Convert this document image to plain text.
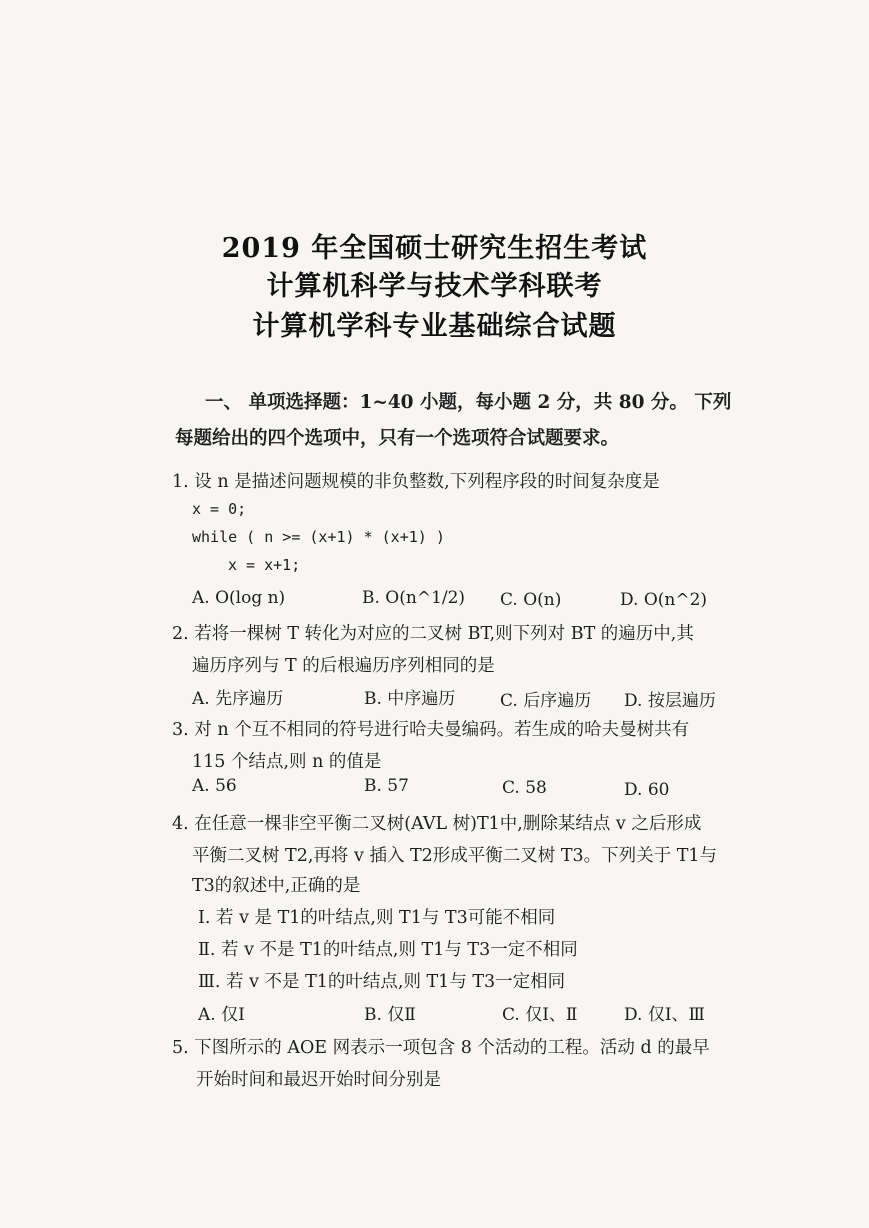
2019 年全国硕士研究生招生考试
计算机科学与技术学科联考
计算机学科专业基础综合试题
一、 单项选择题：1~40 小题，每小题 2 分，共 80 分。 下列
每题给出的四个选项中，只有一个选项符合试题要求。
1. 设 n 是描述问题规模的非负整数,下列程序段的时间复杂度是
x = 0;
while ( n >= (x+1) * (x+1) )
x = x+1;
A. O(log n)	B. O(n^1/2) C. O(n)	D. O(n^2)
2. 若将一棵树 T 转化为对应的二叉树 BT,则下列对 BT 的遍历中,其
遍历序列与 T 的后根遍历序列相同的是
A. 先序遍历	B. 中序遍历	C. 后序遍历 D. 按层遍历
3. 对 n 个互不相同的符号进行哈夫曼编码。若生成的哈夫曼树共有
115 个结点,则 n 的值是
A. 56	B. 57	C. 58	D. 60
4. 在任意一棵非空平衡二叉树(AVL 树)T1中,删除某结点 v 之后形成
平衡二叉树 T2,再将 v 插入 T2形成平衡二叉树 T3。下列关于 T1与
T3的叙述中,正确的是
Ⅰ. 若 v 是 T1的叶结点,则 T1与 T3可能不相同
Ⅱ. 若 v 不是 T1的叶结点,则 T1与 T3一定不相同
Ⅲ. 若 v 不是 T1的叶结点,则 T1与 T3一定相同
A. 仅Ⅰ	B. 仅Ⅱ	C. 仅Ⅰ、Ⅱ	D. 仅Ⅰ、Ⅲ
5. 下图所示的 AOE 网表示一项包含 8 个活动的工程。活动 d 的最早
开始时间和最迟开始时间分别是
